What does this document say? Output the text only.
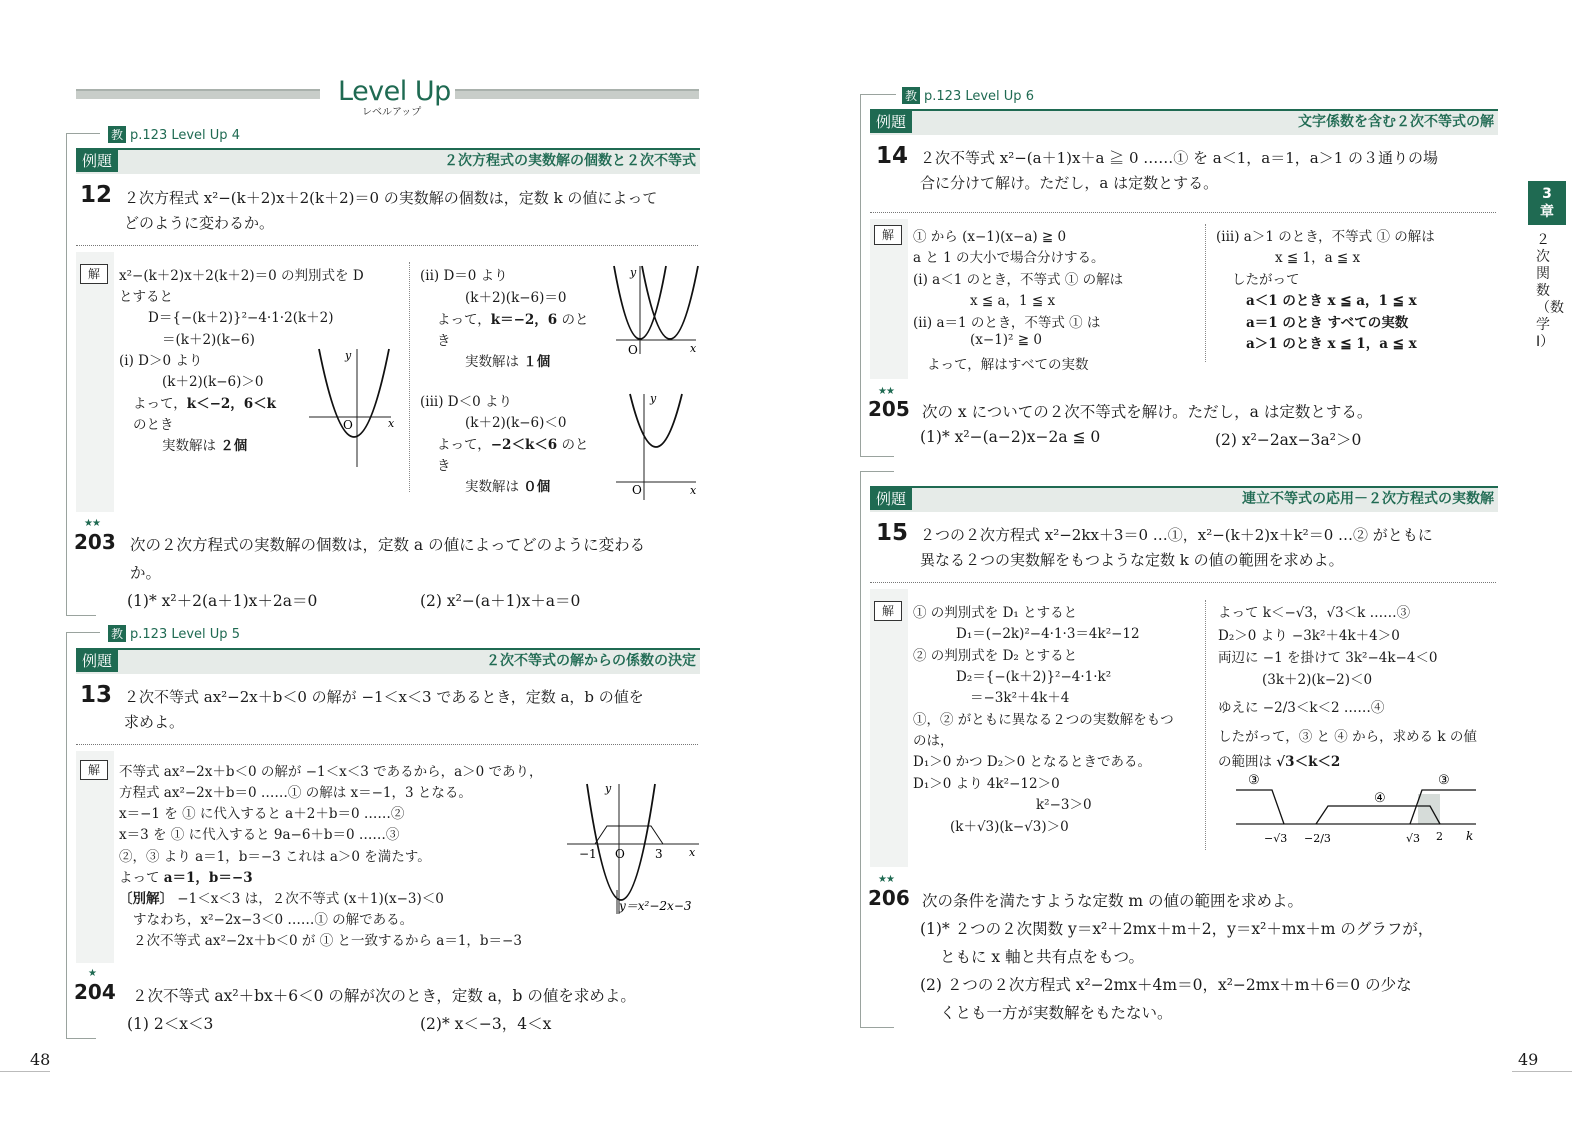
Level Up
レベルアップ
教 p.123 Level Up 4
例題	２次方程式の実数解の個数と２次不等式
12 ２次方程式 x²−(k＋2)x＋2(k＋2)＝0 の実数解の個数は，定数 k の値によって
どのように変わるか。
解	x²−(k＋2)x＋2(k＋2)＝0 の判別式を D
とすると
D＝{−(k＋2)}²−4·1·2(k＋2)
＝(k＋2)(k−6)
(i) D＞0 より
(k＋2)(k−6)＞0
よって，k＜−2，6＜k
のとき
実数解は ２個
(ii) D＝0 より
(k＋2)(k−6)＝0
よって，k＝−2，6 のと
き
実数解は １個
(iii) D＜0 より
(k＋2)(k−6)＜0
よって，−2＜k＜6 のと
き
実数解は ０個
y
x
O
y
x
O
y
x
O
★★
203 次の２次方程式の実数解の個数は，定数 a の値によってどのように変わる
か。
(1)* x²＋2(a＋1)x＋2a＝0	(2) x²−(a＋1)x＋a＝0
教 p.123 Level Up 5
例題	２次不等式の解からの係数の決定
13 ２次不等式 ax²−2x＋b＜0 の解が −1＜x＜3 であるとき，定数 a，b の値を
求めよ。
解	不等式 ax²−2x＋b＜0 の解が −1＜x＜3 であるから，a＞0 であり，
方程式 ax²−2x＋b＝0 ……① の解は x＝−1，3 となる。
x＝−1 を ① に代入すると a＋2＋b＝0 ……②
x＝3 を ① に代入すると 9a−6＋b＝0 ……③
②，③ より a＝1，b＝−3 これは a＞0 を満たす。
よって a＝1，b＝−3
〔別解〕 −1＜x＜3 は，２次不等式 (x＋1)(x−3)＜0
すなわち，x²−2x−3＜0 ……① の解である。
２次不等式 ax²−2x＋b＜0 が ① と一致するから a＝1，b＝−3
y
x
O
−1	3
y＝x²−2x−3
★
204 ２次不等式 ax²＋bx＋6＜0 の解が次のとき，定数 a，b の値を求めよ。
(1) 2＜x＜3	(2)* x＜−3，4＜x
48
教 p.123 Level Up 6
例題	文字係数を含む２次不等式の解
14 ２次不等式 x²−(a＋1)x＋a ≧ 0 ……① を a＜1，a＝1，a＞1 の３通りの場
合に分けて解け。ただし，a は定数とする。
解	① から (x−1)(x−a) ≧ 0
a と 1 の大小で場合分けする。
(i) a＜1 のとき，不等式 ① の解は
x ≦ a，1 ≦ x
(ii) a＝1 のとき，不等式 ① は
(x−1)² ≧ 0
よって，解はすべての実数
(iii) a＞1 のとき，不等式 ① の解は
x ≦ 1，a ≦ x
したがって
a＜1 のとき x ≦ a，1 ≦ x
a＝1 のとき すべての実数
a＞1 のとき x ≦ 1，a ≦ x
★★
205 次の x についての２次不等式を解け。ただし，a は定数とする。
(1)* x²−(a−2)x−2a ≦ 0	(2) x²−2ax−3a²＞0
例題	連立不等式の応用－２次方程式の実数解
15 ２つの２次方程式 x²−2kx＋3＝0 …①，x²−(k＋2)x＋k²＝0 …② がともに
異なる２つの実数解をもつような定数 k の値の範囲を求めよ。
解	① の判別式を D₁ とすると
D₁＝(−2k)²−4·1·3＝4k²−12
② の判別式を D₂ とすると
D₂＝{−(k＋2)}²−4·1·k²
＝−3k²＋4k＋4
①，② がともに異なる２つの実数解をもつ
のは，
D₁＞0 かつ D₂＞0 となるときである。
D₁＞0 より 4k²−12＞0
k²−3＞0
(k＋√3)(k−√3)＞0
よって k＜−√3，√3＜k ……③
D₂＞0 より −3k²＋4k＋4＞0
両辺に −1 を掛けて 3k²−4k−4＜0
(3k＋2)(k−2)＜0
ゆえに −2/3＜k＜2 ……④
したがって，③ と ④ から，求める k の値
の範囲は √3＜k＜2
③	③
④
−√3 −2/3	√3 2 k
★★
206 次の条件を満たすような定数 m の値の範囲を求めよ。
(1)* ２つの２次関数 y＝x²＋2mx＋m＋2，y＝x²＋mx＋m のグラフが，
ともに x 軸と共有点をもつ。
(2) ２つの２次方程式 x²−2mx＋4m＝0，x²−2mx＋m＋6＝0 の少な
くとも一方が実数解をもたない。
3
章
２次関数（数学Ⅰ）
49
